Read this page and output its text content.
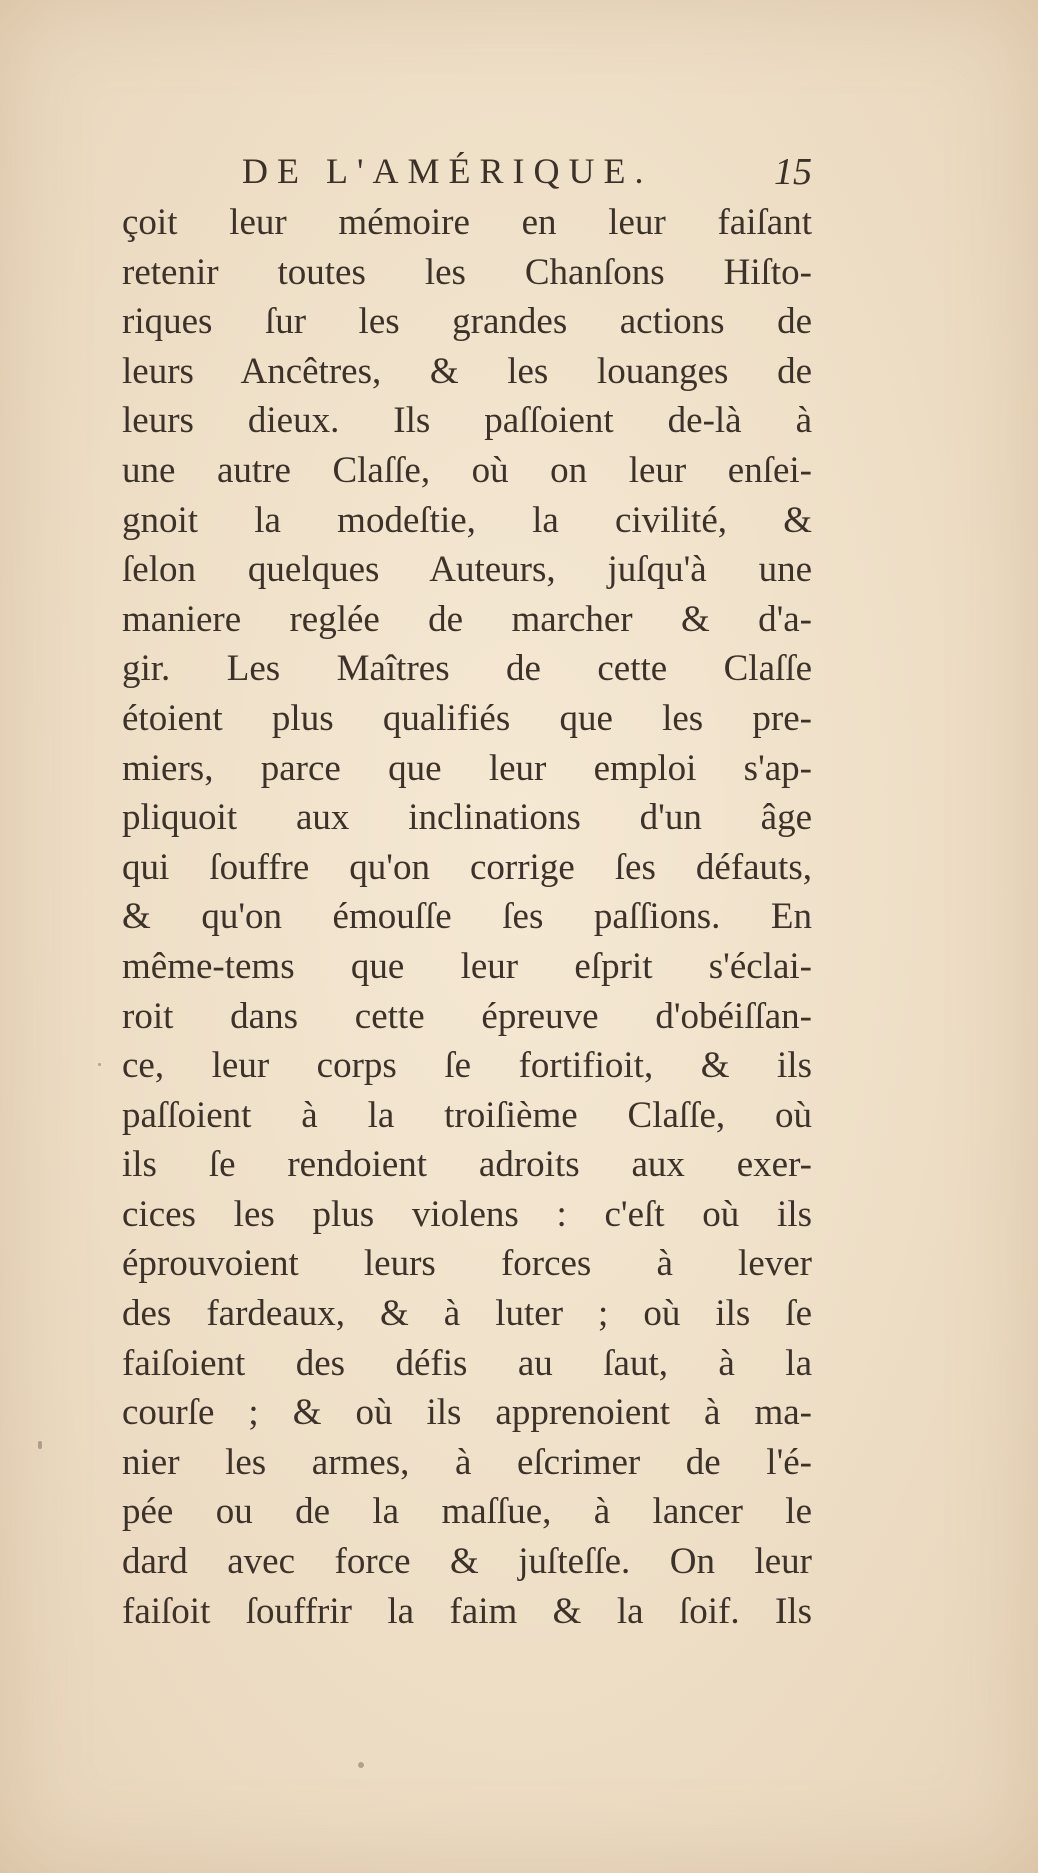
DE L'AMÉRIQUE.	15
çoit leur mémoire en leur faiſant
retenir toutes les Chanſons Hiſto-
riques ſur les grandes actions de
leurs Ancêtres, & les louanges de
leurs dieux. Ils paſſoient de-là à
une autre Claſſe, où on leur enſei-
gnoit la modeſtie, la civilité, &
ſelon quelques Auteurs, juſqu'à une
maniere reglée de marcher & d'a-
gir. Les Maîtres de cette Claſſe
étoient plus qualifiés que les pre-
miers, parce que leur emploi s'ap-
pliquoit aux inclinations d'un âge
qui ſouffre qu'on corrige ſes défauts,
& qu'on émouſſe ſes paſſions. En
même-tems que leur eſprit s'éclai-
roit dans cette épreuve d'obéiſſan-
ce, leur corps ſe fortifioit, & ils
paſſoient à la troiſième Claſſe, où
ils ſe rendoient adroits aux exer-
cices les plus violens : c'eſt où ils
éprouvoient leurs forces à lever
des fardeaux, & à luter ; où ils ſe
faiſoient des défis au ſaut, à la
courſe ; & où ils apprenoient à ma-
nier les armes, à eſcrimer de l'é-
pée ou de la maſſue, à lancer le
dard avec force & juſteſſe. On leur
faiſoit ſouffrir la faim & la ſoif. Ils
